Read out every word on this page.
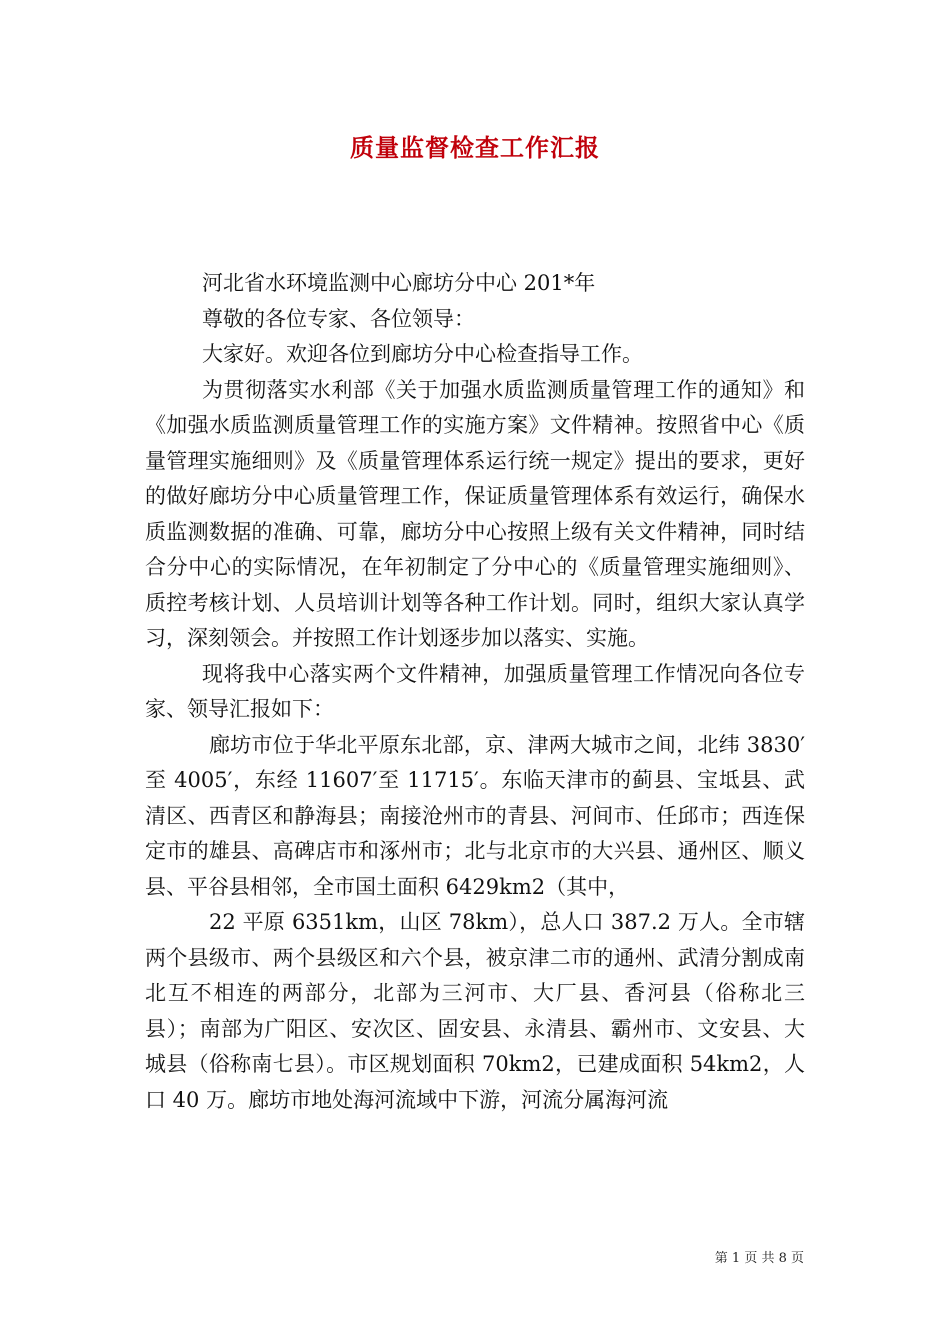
质量监督检查工作汇报

河北省水环境监测中心廊坊分中心 201*年

尊敬的各位专家、各位领导：

大家好。欢迎各位到廊坊分中心检查指导工作。

为贯彻落实水利部《关于加强水质监测质量管理工作的通知》和《加强水质监测质量管理工作的实施方案》文件精神。按照省中心《质量管理实施细则》及《质量管理体系运行统一规定》提出的要求，更好的做好廊坊分中心质量管理工作，保证质量管理体系有效运行，确保水质监测数据的准确、可靠，廊坊分中心按照上级有关文件精神，同时结合分中心的实际情况，在年初制定了分中心的《质量管理实施细则》、质控考核计划、人员培训计划等各种工作计划。同时，组织大家认真学习，深刻领会。并按照工作计划逐步加以落实、实施。

现将我中心落实两个文件精神，加强质量管理工作情况向各位专家、领导汇报如下：

廊坊市位于华北平原东北部，京、津两大城市之间，北纬 3830′至 4005′，东经 11607′至 11715′。东临天津市的蓟县、宝坻县、武清区、西青区和静海县；南接沧州市的青县、河间市、任邱市；西连保定市的雄县、高碑店市和涿州市；北与北京市的大兴县、通州区、顺义县、平谷县相邻，全市国土面积 6429km2（其中，

22 平原 6351km，山区 78km），总人口 387.2 万人。全市辖两个县级市、两个县级区和六个县，被京津二市的通州、武清分割成南北互不相连的两部分，北部为三河市、大厂县、香河县（俗称北三县）；南部为广阳区、安次区、固安县、永清县、霸州市、文安县、大城县（俗称南七县）。市区规划面积 70km2，已建成面积 54km2，人口 40 万。廊坊市地处海河流域中下游，河流分属海河流

第 1 页 共 8 页
